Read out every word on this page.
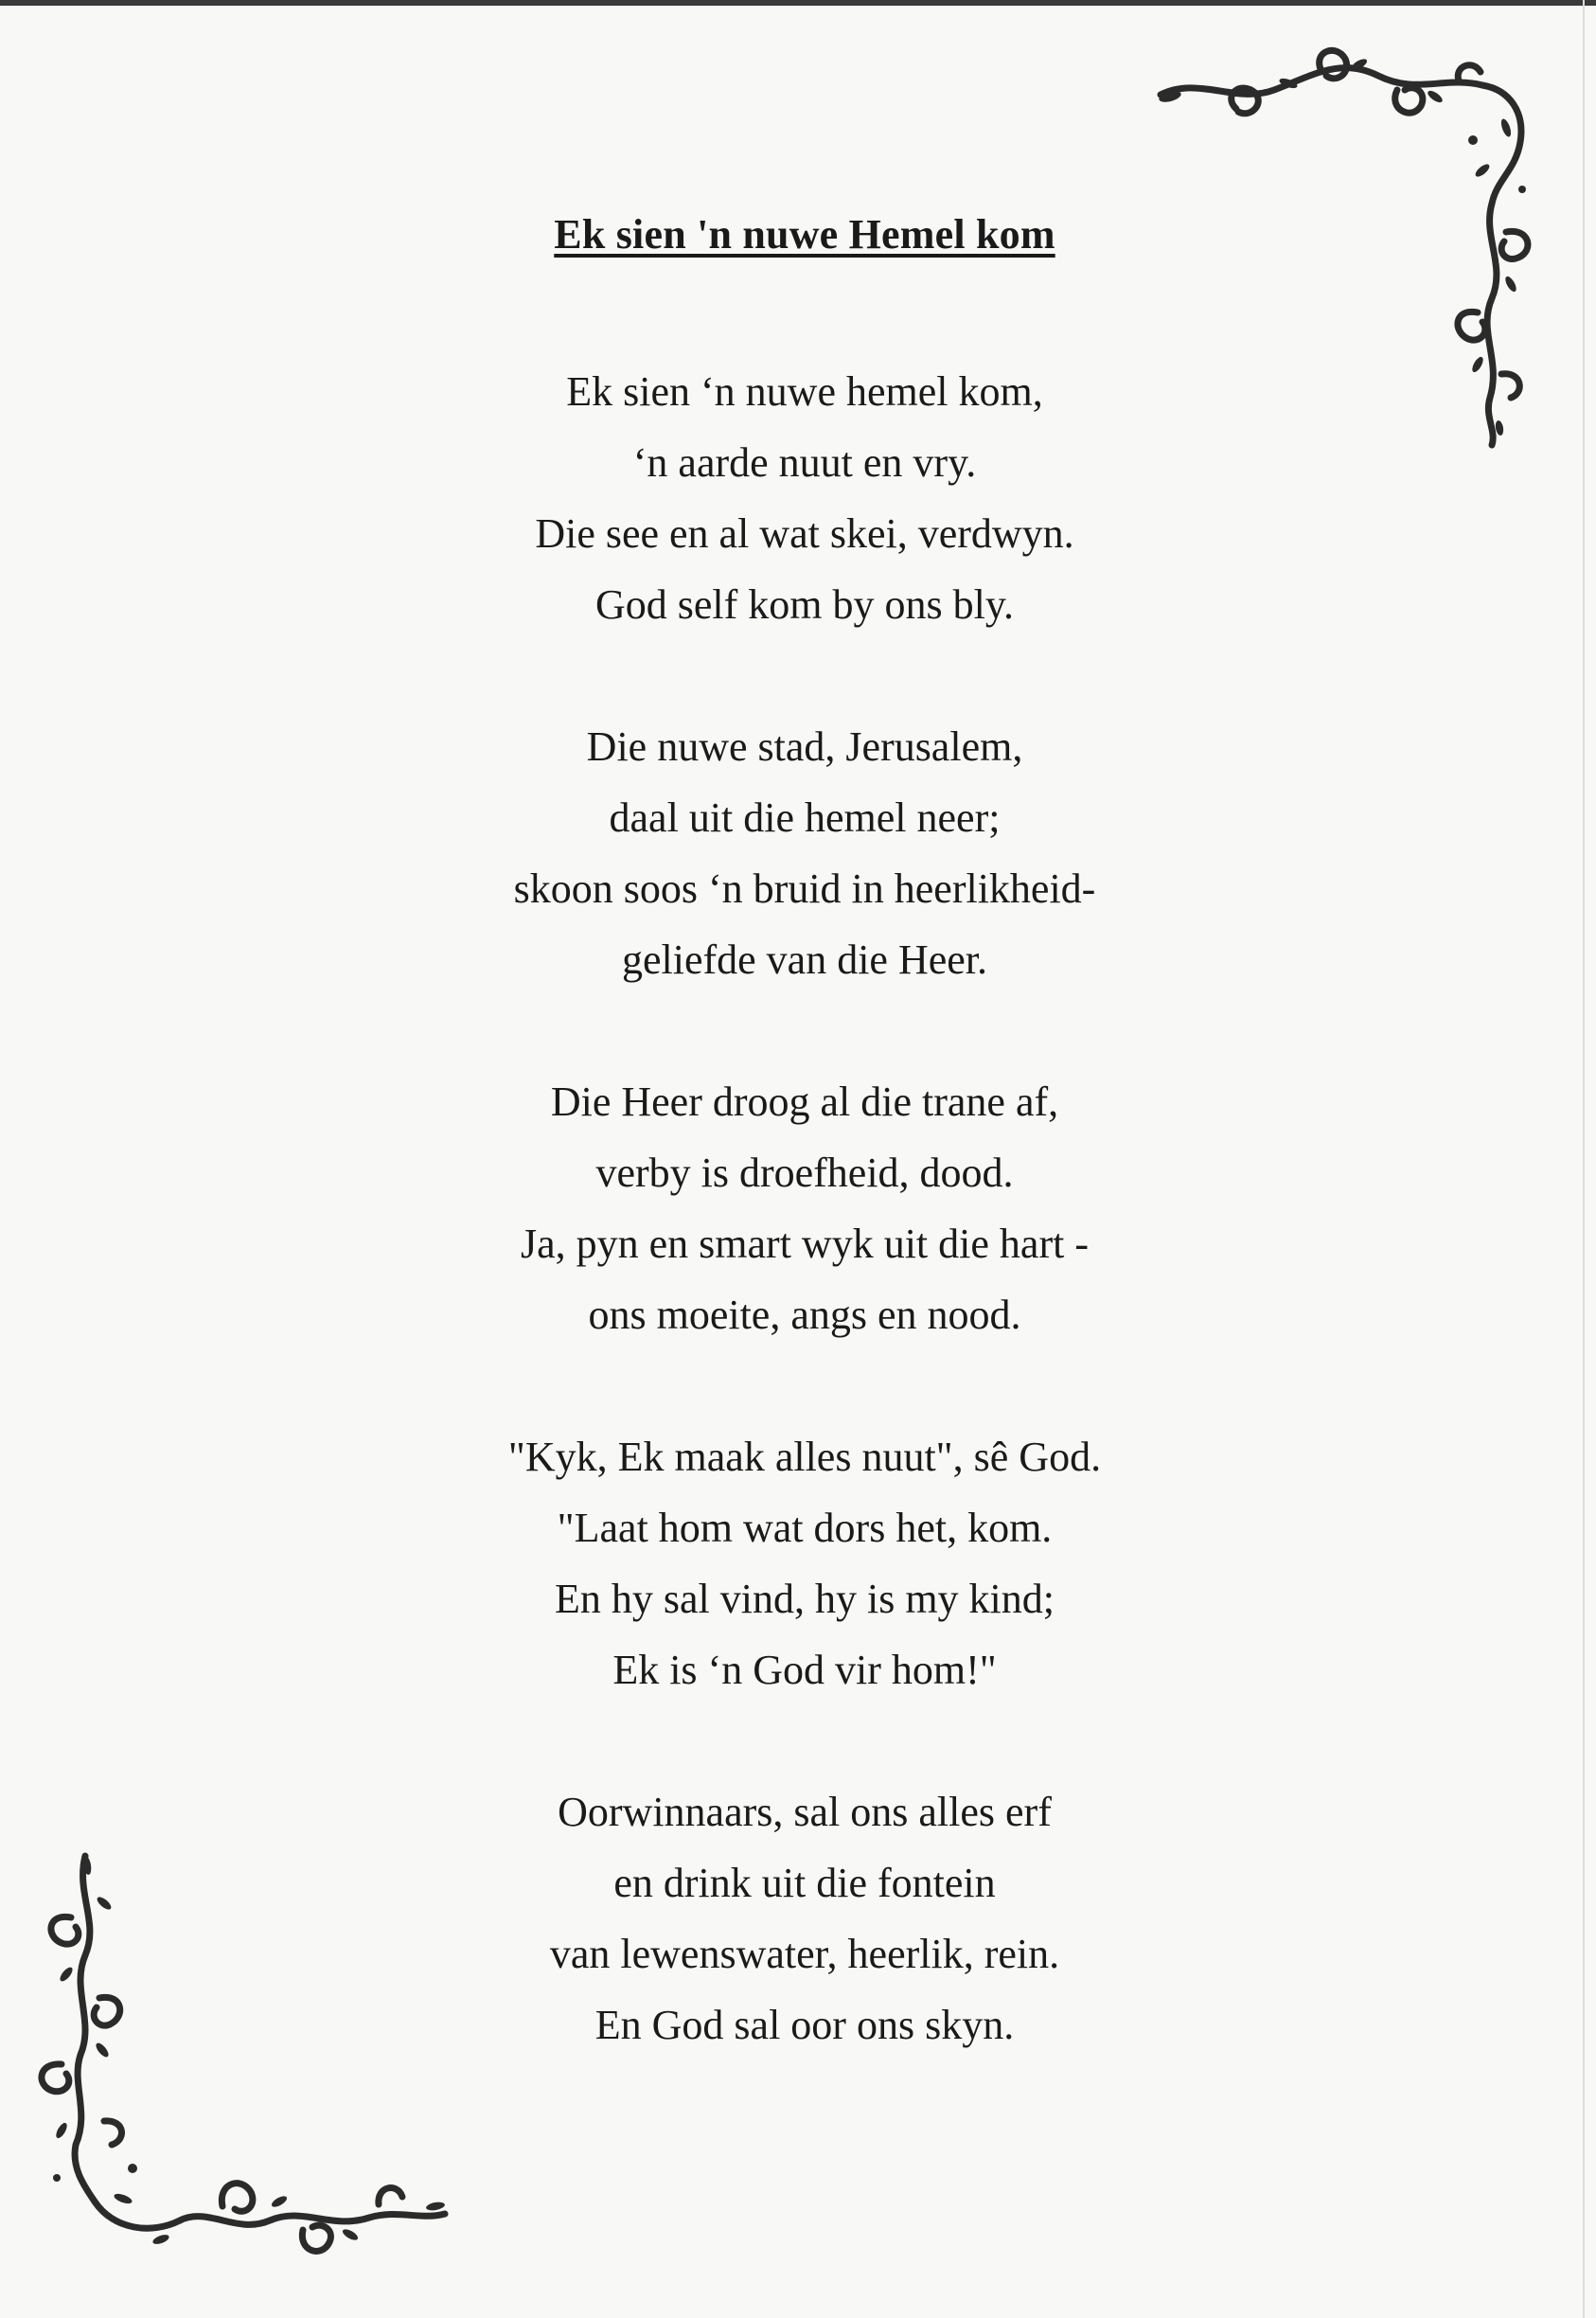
Ek sien 'n nuwe Hemel kom
Ek sien ‘n nuwe hemel kom,
‘n aarde nuut en vry.
Die see en al wat skei, verdwyn.
God self kom by ons bly.
Die nuwe stad, Jerusalem,
daal uit die hemel neer;
skoon soos ‘n bruid in heerlikheid-
geliefde van die Heer.
Die Heer droog al die trane af,
verby is droefheid, dood.
Ja, pyn en smart wyk uit die hart -
ons moeite, angs en nood.
"Kyk, Ek maak alles nuut", sê God.
"Laat hom wat dors het, kom.
En hy sal vind, hy is my kind;
Ek is ‘n God vir hom!"
Oorwinnaars, sal ons alles erf
en drink uit die fontein
van lewenswater, heerlik, rein.
En God sal oor ons skyn.
